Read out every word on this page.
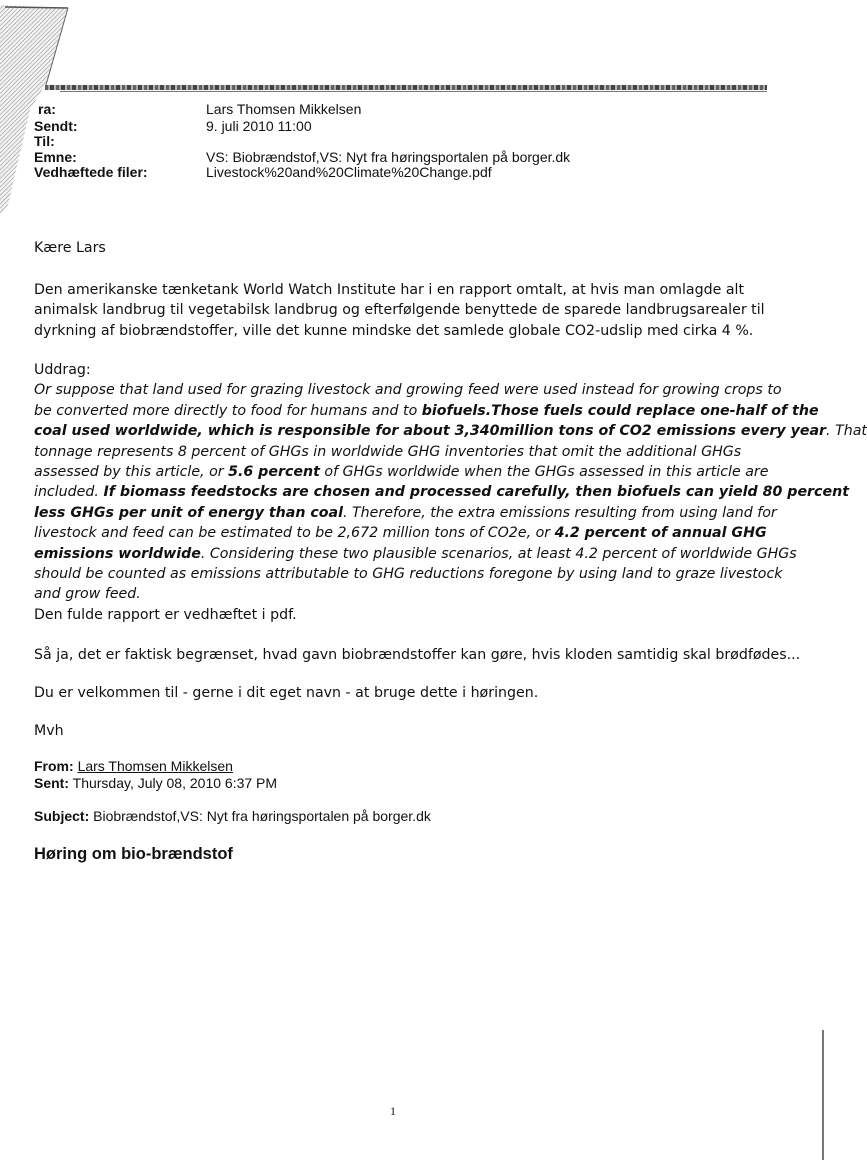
ra:	Lars Thomsen Mikkelsen
Sendt:	9. juli 2010 11:00
Til:
Emne:	VS: Biobrændstof,VS: Nyt fra høringsportalen på borger.dk
Vedhæftede filer:	Livestock%20and%20Climate%20Change.pdf
Kære Lars
Den amerikanske tænketank World Watch Institute har i en rapport omtalt, at hvis man omlagde alt
animalsk landbrug til vegetabilsk landbrug og efterfølgende benyttede de sparede landbrugsarealer til
dyrkning af biobrændstoffer, ville det kunne mindske det samlede globale CO2-udslip med cirka 4 %.
Uddrag:
Or suppose that land used for grazing livestock and growing feed were used instead for growing crops to
be converted more directly to food for humans and to biofuels.Those fuels could replace one-half of the
coal used worldwide, which is responsible for about 3,340million tons of CO2 emissions every year. That
tonnage represents 8 percent of GHGs in worldwide GHG inventories that omit the additional GHGs
assessed by this article, or 5.6 percent of GHGs worldwide when the GHGs assessed in this article are
included. If biomass feedstocks are chosen and processed carefully, then biofuels can yield 80 percent
less GHGs per unit of energy than coal. Therefore, the extra emissions resulting from using land for
livestock and feed can be estimated to be 2,672 million tons of CO2e, or 4.2 percent of annual GHG
emissions worldwide. Considering these two plausible scenarios, at least 4.2 percent of worldwide GHGs
should be counted as emissions attributable to GHG reductions foregone by using land to graze livestock
and grow feed.
Den fulde rapport er vedhæftet i pdf.
Så ja, det er faktisk begrænset, hvad gavn biobrændstoffer kan gøre, hvis kloden samtidig skal brødfødes...
Du er velkommen til - gerne i dit eget navn - at bruge dette i høringen.
Mvh
From: Lars Thomsen Mikkelsen
Sent: Thursday, July 08, 2010 6:37 PM
Subject: Biobrændstof,VS: Nyt fra høringsportalen på borger.dk
Høring om bio-brændstof
1
